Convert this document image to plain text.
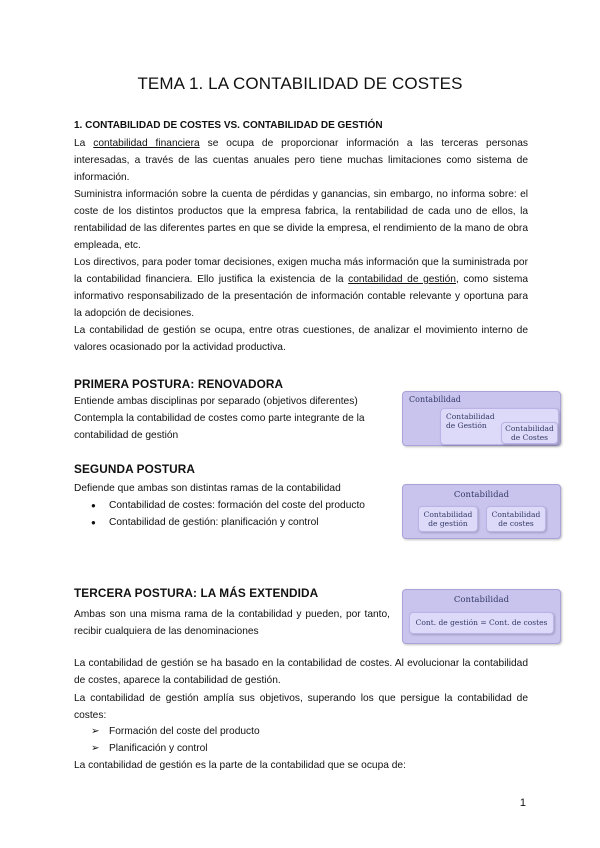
TEMA 1. LA CONTABILIDAD DE COSTES
1. CONTABILIDAD DE COSTES VS. CONTABILIDAD DE GESTIÓN
La contabilidad financiera se ocupa de proporcionar información a las terceras personas interesadas, a través de las cuentas anuales pero tiene muchas limitaciones como sistema de información.
Suministra información sobre la cuenta de pérdidas y ganancias, sin embargo, no informa sobre: el coste de los distintos productos que la empresa fabrica, la rentabilidad de cada uno de ellos, la rentabilidad de las diferentes partes en que se divide la empresa, el rendimiento de la mano de obra empleada, etc.
Los directivos, para poder tomar decisiones, exigen mucha más información que la suministrada por la contabilidad financiera. Ello justifica la existencia de la contabilidad de gestión, como sistema informativo responsabilizado de la presentación de información contable relevante y oportuna para la adopción de decisiones.
La contabilidad de gestión se ocupa, entre otras cuestiones, de analizar el movimiento interno de valores ocasionado por la actividad productiva.
PRIMERA POSTURA: RENOVADORA
Entiende ambas disciplinas por separado (objetivos diferentes)
Contempla la contabilidad de costes como parte integrante de la contabilidad de gestión
Contabilidad
Contabilidad de Gestión	Contabilidad de Costes
SEGUNDA POSTURA
Defiende que ambas son distintas ramas de la contabilidad
● Contabilidad de costes: formación del coste del producto
● Contabilidad de gestión: planificación y control
Contabilidad
Contabilidad de gestión
Contabilidad de costes
TERCERA POSTURA: LA MÁS EXTENDIDA
Ambas son una misma rama de la contabilidad y pueden, por tanto, recibir cualquiera de las denominaciones
Contabilidad
Cont. de gestión = Cont. de costes
La contabilidad de gestión se ha basado en la contabilidad de costes. Al evolucionar la contabilidad de costes, aparece la contabilidad de gestión.
La contabilidad de gestión amplía sus objetivos, superando los que persigue la contabilidad de costes:
➢ Formación del coste del producto
➢ Planificación y control
La contabilidad de gestión es la parte de la contabilidad que se ocupa de:
1
